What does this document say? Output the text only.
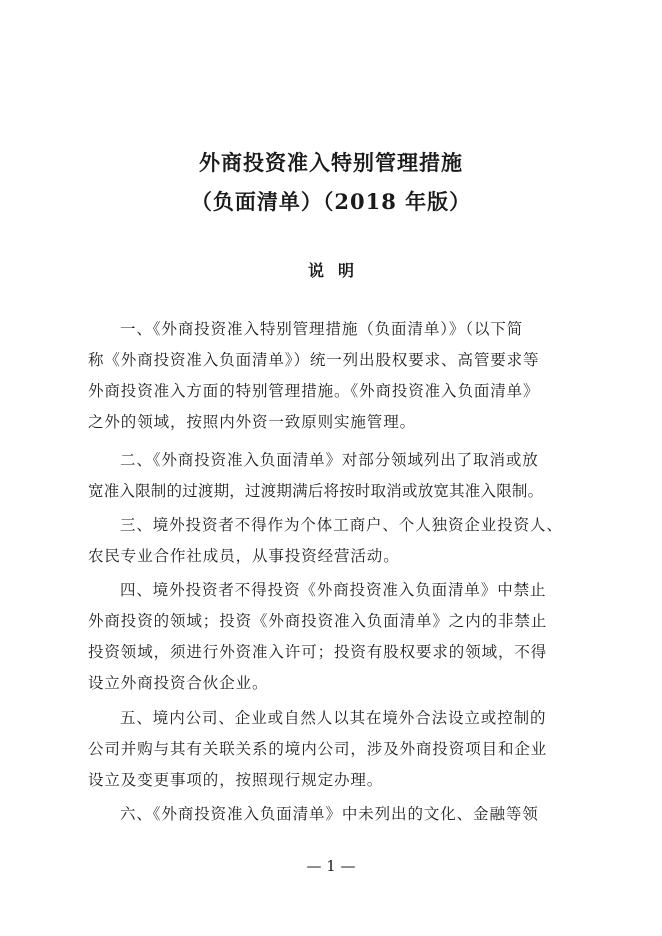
外商投资准入特别管理措施
（负面清单）（2018 年版）
说明
一、《外商投资准入特别管理措施（负面清单）》（以下简
称《外商投资准入负面清单》）统一列出股权要求、高管要求等
外商投资准入方面的特别管理措施。《外商投资准入负面清单》
之外的领域，按照内外资一致原则实施管理。
二、《外商投资准入负面清单》对部分领域列出了取消或放
宽准入限制的过渡期，过渡期满后将按时取消或放宽其准入限制。
三、境外投资者不得作为个体工商户、个人独资企业投资人、
农民专业合作社成员，从事投资经营活动。
四、境外投资者不得投资《外商投资准入负面清单》中禁止
外商投资的领域；投资《外商投资准入负面清单》之内的非禁止
投资领域，须进行外资准入许可；投资有股权要求的领域，不得
设立外商投资合伙企业。
五、境内公司、企业或自然人以其在境外合法设立或控制的
公司并购与其有关联关系的境内公司，涉及外商投资项目和企业
设立及变更事项的，按照现行规定办理。
六、《外商投资准入负面清单》中未列出的文化、金融等领
— 1 —
